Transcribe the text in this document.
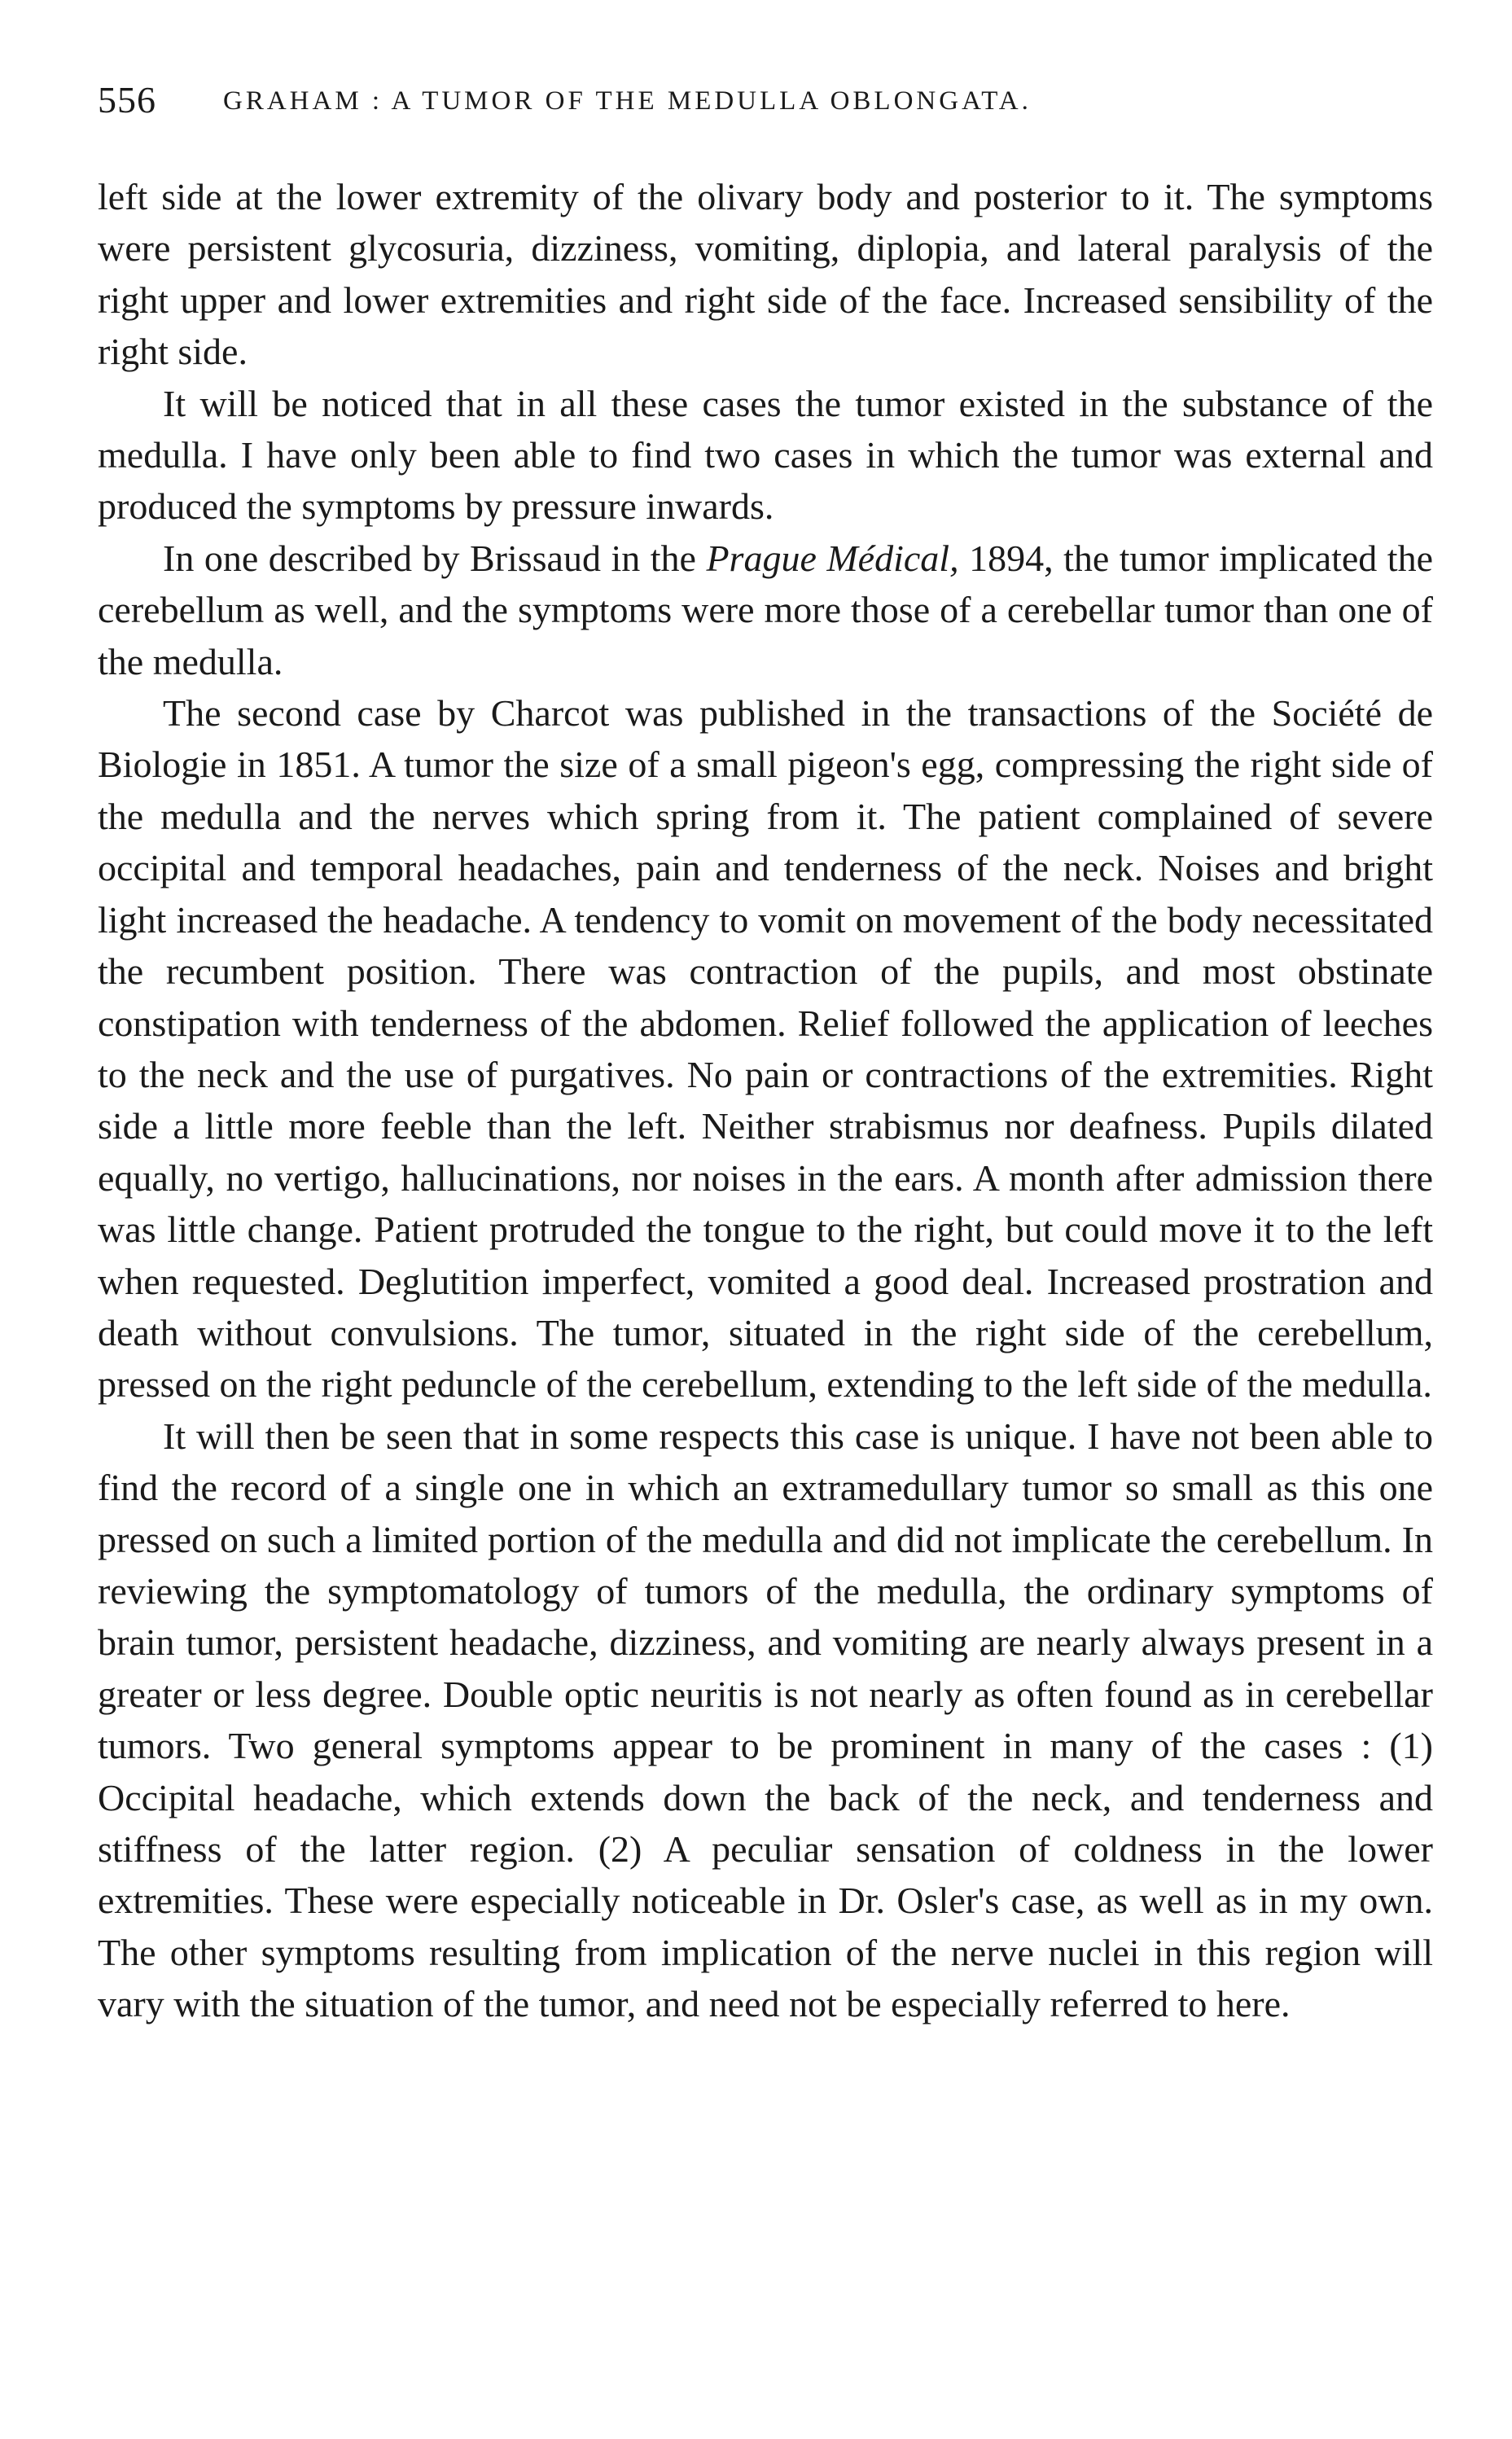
556 GRAHAM : A TUMOR OF THE MEDULLA OBLONGATA.

left side at the lower extremity of the olivary body and posterior to it. The symptoms were persistent glycosuria, dizziness, vomiting, diplopia, and lateral paralysis of the right upper and lower extremities and right side of the face. Increased sensibility of the right side.

It will be noticed that in all these cases the tumor existed in the substance of the medulla. I have only been able to find two cases in which the tumor was external and produced the symptoms by pressure inwards.

In one described by Brissaud in the Prague Médical, 1894, the tumor implicated the cerebellum as well, and the symptoms were more those of a cerebellar tumor than one of the medulla.

The second case by Charcot was published in the transactions of the Société de Biologie in 1851. A tumor the size of a small pigeon's egg, compressing the right side of the medulla and the nerves which spring from it. The patient complained of severe occipital and temporal headaches, pain and tenderness of the neck. Noises and bright light increased the headache. A tendency to vomit on movement of the body necessitated the recumbent position. There was contraction of the pupils, and most obstinate constipation with tenderness of the abdomen. Relief followed the application of leeches to the neck and the use of purgatives. No pain or contractions of the extremities. Right side a little more feeble than the left. Neither strabismus nor deafness. Pupils dilated equally, no vertigo, hallucinations, nor noises in the ears. A month after admission there was little change. Patient protruded the tongue to the right, but could move it to the left when requested. Deglutition imperfect, vomited a good deal. Increased prostration and death without convulsions. The tumor, situated in the right side of the cerebellum, pressed on the right peduncle of the cerebellum, extending to the left side of the medulla.

It will then be seen that in some respects this case is unique. I have not been able to find the record of a single one in which an extramedullary tumor so small as this one pressed on such a limited portion of the medulla and did not implicate the cerebellum. In reviewing the symptomatology of tumors of the medulla, the ordinary symptoms of brain tumor, persistent headache, dizziness, and vomiting are nearly always present in a greater or less degree. Double optic neuritis is not nearly as often found as in cerebellar tumors. Two general symptoms appear to be prominent in many of the cases : (1) Occipital headache, which extends down the back of the neck, and tenderness and stiffness of the latter region. (2) A peculiar sensation of coldness in the lower extremities. These were especially noticeable in Dr. Osler's case, as well as in my own. The other symptoms resulting from implication of the nerve nuclei in this region will vary with the situation of the tumor, and need not be especially referred to here.
